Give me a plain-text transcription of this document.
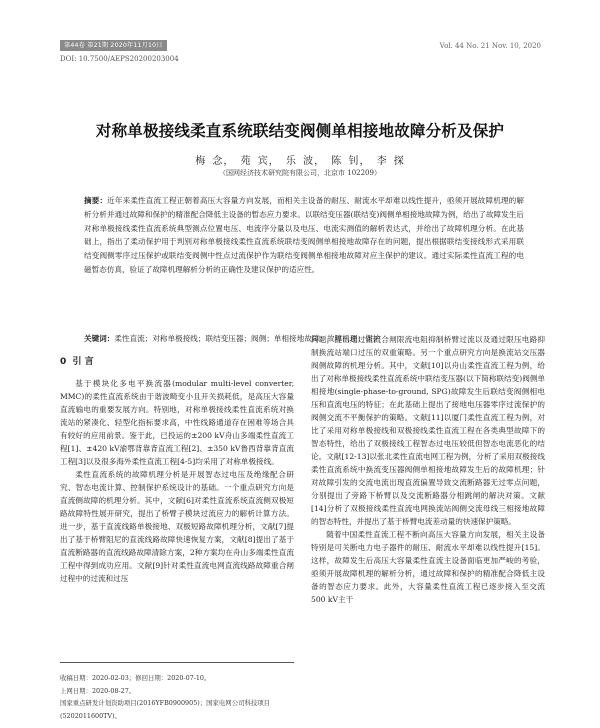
第44卷 第21期 2020年11月10日	Vol. 44 No. 21 Nov. 10, 2020
DOI: 10.7500/AEPS20200203004
对称单极接线柔直系统联结变阀侧单相接地故障分析及保护
梅 念， 苑 宾， 乐 波， 陈 钊， 李 探
（国网经济技术研究院有限公司，北京市 102209）
摘要：近年来柔性直流工程正朝着高压大容量方向发展，而相关主设备的耐压、耐流水平却难以线性提升，亟须开展故障机理的解析分析并通过故障和保护的精准配合降低主设备的暂态应力要求。以联结变压器(联结变)阀侧单相接地故障为例，给出了故障发生后对称单极接线柔性直流系统典型测点位置电压、电流序分量以及电压、电流实测值的解析表达式，并给出了故障机理分析。在此基础上，指出了柔动保护用于判别对称单极接线柔性直流系统联结变阀侧单相接地故障存在的问题，提出根据联结变接线形式采用联结变阀侧零序过压保护或联结变阀侧中性点过流保护作为联结变阀侧单相接地故障对应主保护的建议。通过实际柔性直流工程的电磁暂态仿真，验证了故障机理解析分析的正确性及建议保护的适应性。
关键词：柔性直流；对称单极接线；联结变压器；阀侧；单相接地故障；故障机理；保护
0 引 言

基于模块化多电平换流器(modular multi-level converter, MMC)的柔性直流系统由于谐波畸变小且开关损耗低，是高压大容量直流输电的重要发展方向。特别地，对称单极接线柔性直流系统对换流站的紧凑化、轻型化指标要求高，中性线路通道存在困难等场合具有较好的应用前景。鉴于此，已投运的±200 kV舟山多端柔性直流工程[1]、±420 kV渝鄂背靠背直流工程[2]、±350 kV鲁西背靠背直流工程[3]以及很多海外柔性直流工程[4-5]均采用了对称单极接线。

柔性直流系统的故障机理分析是开展智态过电压及绝缘配合研究、智态电流计算、控制保护系统设计的基础。一个重点研究方向是直流侧故障的机理分析。其中，文献[6]对柔性直流系统直流侧双极短路故障特性展开研究，提出了桥臂子模块过流应力的解析计算方法。进一步，基于直流线路单极接地、双极短路故障机理分析，文献[7]提出了基于桥臂阻尼的直流线路故障快速恢复方案，文献[8]提出了基于直流断路器的直流线路故障清除方案，2种方案均在舟山多端柔性直流工程中得到成功应用。文献[9]针对柔性直流电网直流线路故障重合闸过程中的过流和过压

问题，提出通过直流合闸限流电阻抑制桥臂过流以及通过限压电路抑制换流站端口过压的双重策略。另一个重点研究方向是换流站交压器阀侧故障的机理分析。其中，文献[10]以舟山柔性直流工程为例，给出了对称单极接线柔性直流系统中联结变压器(以下简称联结变)阀侧单相接地(single-phase-to-ground, SPG)故障发生后联结变阀侧相电压和直流电压的特征；在此基础上提出了接地电压器零序过流保护的阀侧交流不平衡保护的策略。文献[11]以厦门柔性直流工程为例，对比了采用对称单极接线和双极接线柔性直流工程在各类典型故障下的智态特性，给出了双极接线工程智态过电压较低但智态电流恶化的结论。文献[12-13]以张北柔性直流电网工程为例，分析了采用双极接线柔性直流系统中换流变压器阀侧单相接地故障发生后的故障机理；针对故障引发的交流电流出现直流偏置导致交流断路器无过零点问题，分别提出了旁路下桥臂以及交流断路器分相跳闸的解决对策。文献[14]分析了双极接线柔性直流电网换流站阀侧交流母线三相接地故障的智态特性，并提出了基于桥臂电流差动量的快速保护策略。

随着中国柔性直流工程不断向高压大容量方向发展，相关主设备特别是可关断电力电子器件的耐压、耐流水平却难以线性提升[15]。这样，故障发生后高压大容量柔性直流主设备面临更加严峻的考验，亟须开展故障机理的解析分析，通过故障和保护的精准配合降低主设备的智态应力要求。此外，大容量柔性直流工程已逐步接入至交流500 kV主干

收稿日期：2020-02-03；修回日期：2020-07-10。
上网日期：2020-08-27。
国家重点研发计划资助项目(2016YFB0900905)；国家电网公司科技项目(5202011600TV)。
